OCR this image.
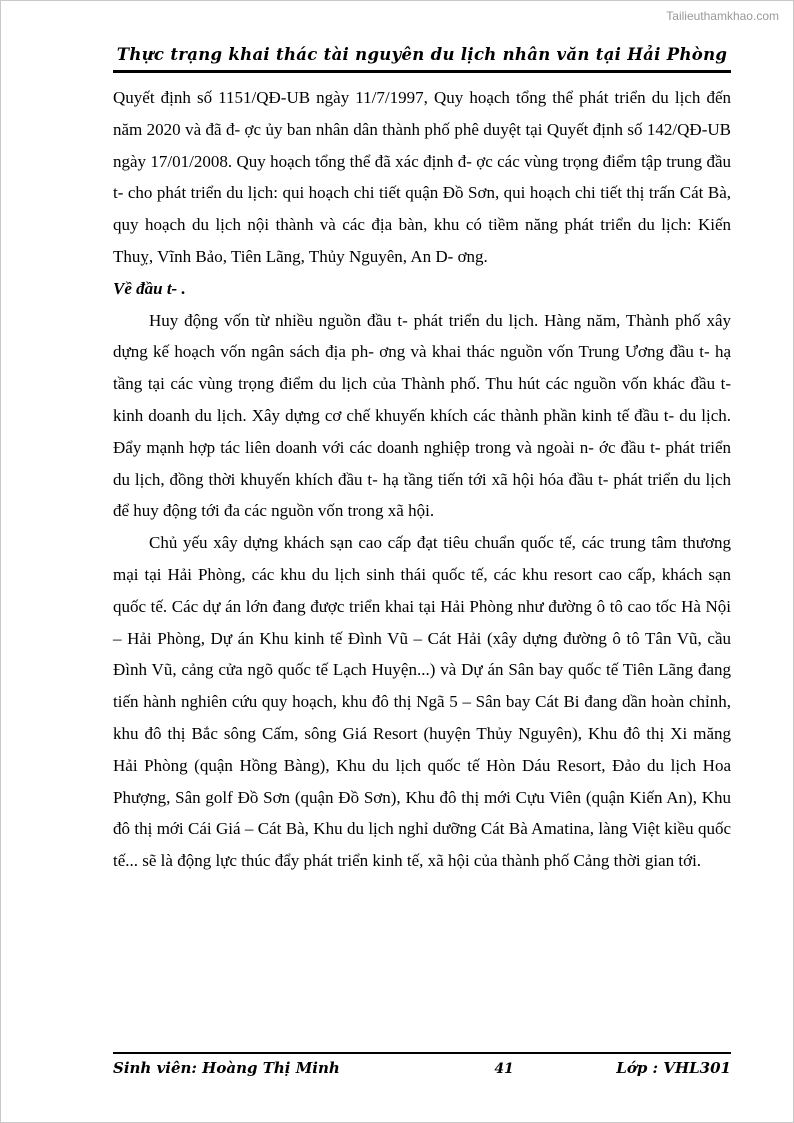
Tailieuthamkhao.com
Thực trạng khai thác tài nguyên du lịch nhân văn tại Hải Phòng

Quyết định số 1151/QĐ-UB ngày 11/7/1997, Quy hoạch tổng thể phát triển du lịch đến năm 2020 và đã đ- ợc ủy ban nhân dân thành phố phê duyệt tại Quyết định số 142/QĐ-UB ngày 17/01/2008. Quy hoạch tổng thể đã xác định đ- ợc các vùng trọng điểm tập trung đầu t- cho phát triển du lịch: qui hoạch chi tiết quận Đồ Sơn, qui hoạch chi tiết thị trấn Cát Bà, quy hoạch du lịch nội thành và các địa bàn, khu có tiềm năng phát triển du lịch: Kiến Thuỵ, Vĩnh Bảo, Tiên Lãng, Thủy Nguyên, An D- ơng.

Về đầu t- .

Huy động vốn từ nhiều nguồn đầu t- phát triển du lịch. Hàng năm, Thành phố xây dựng kế hoạch vốn ngân sách địa ph- ơng và khai thác nguồn vốn Trung Ương đầu t- hạ tầng tại các vùng trọng điểm du lịch của Thành phố. Thu hút các nguồn vốn khác đầu t- kinh doanh du lịch. Xây dựng cơ chế khuyến khích các thành phần kinh tế đầu t- du lịch. Đẩy mạnh hợp tác liên doanh với các doanh nghiệp trong và ngoài n- ớc đầu t- phát triển du lịch, đồng thời khuyến khích đầu t- hạ tầng tiến tới xã hội hóa đầu t- phát triển du lịch để huy động tới đa các nguồn vốn trong xã hội.

Chủ yếu xây dựng khách sạn cao cấp đạt tiêu chuẩn quốc tế, các trung tâm thương mại tại Hải Phòng, các khu du lịch sinh thái quốc tế, các khu resort cao cấp, khách sạn quốc tế. Các dự án lớn đang được triển khai tại Hải Phòng như đường ô tô cao tốc Hà Nội – Hải Phòng, Dự án Khu kinh tế Đình Vũ – Cát Hải (xây dựng đường ô tô Tân Vũ, cầu Đình Vũ, cảng cửa ngõ quốc tế Lạch Huyện...) và Dự án Sân bay quốc tế Tiên Lãng đang tiến hành nghiên cứu quy hoạch, khu đô thị Ngã 5 – Sân bay Cát Bi đang dần hoàn chỉnh, khu đô thị Bắc sông Cấm, sông Giá Resort (huyện Thủy Nguyên), Khu đô thị Xi măng Hải Phòng (quận Hồng Bàng), Khu du lịch quốc tế Hòn Dáu Resort, Đảo du lịch Hoa Phượng, Sân golf Đồ Sơn (quận Đồ Sơn), Khu đô thị mới Cựu Viên (quận Kiến An), Khu đô thị mới Cái Giá – Cát Bà, Khu du lịch nghỉ dưỡng Cát Bà Amatina, làng Việt kiều quốc tế... sẽ là động lực thúc đẩy phát triển kinh tế, xã hội của thành phố Cảng thời gian tới.

Sinh viên: Hoàng Thị Minh	41	Lớp : VHL301
